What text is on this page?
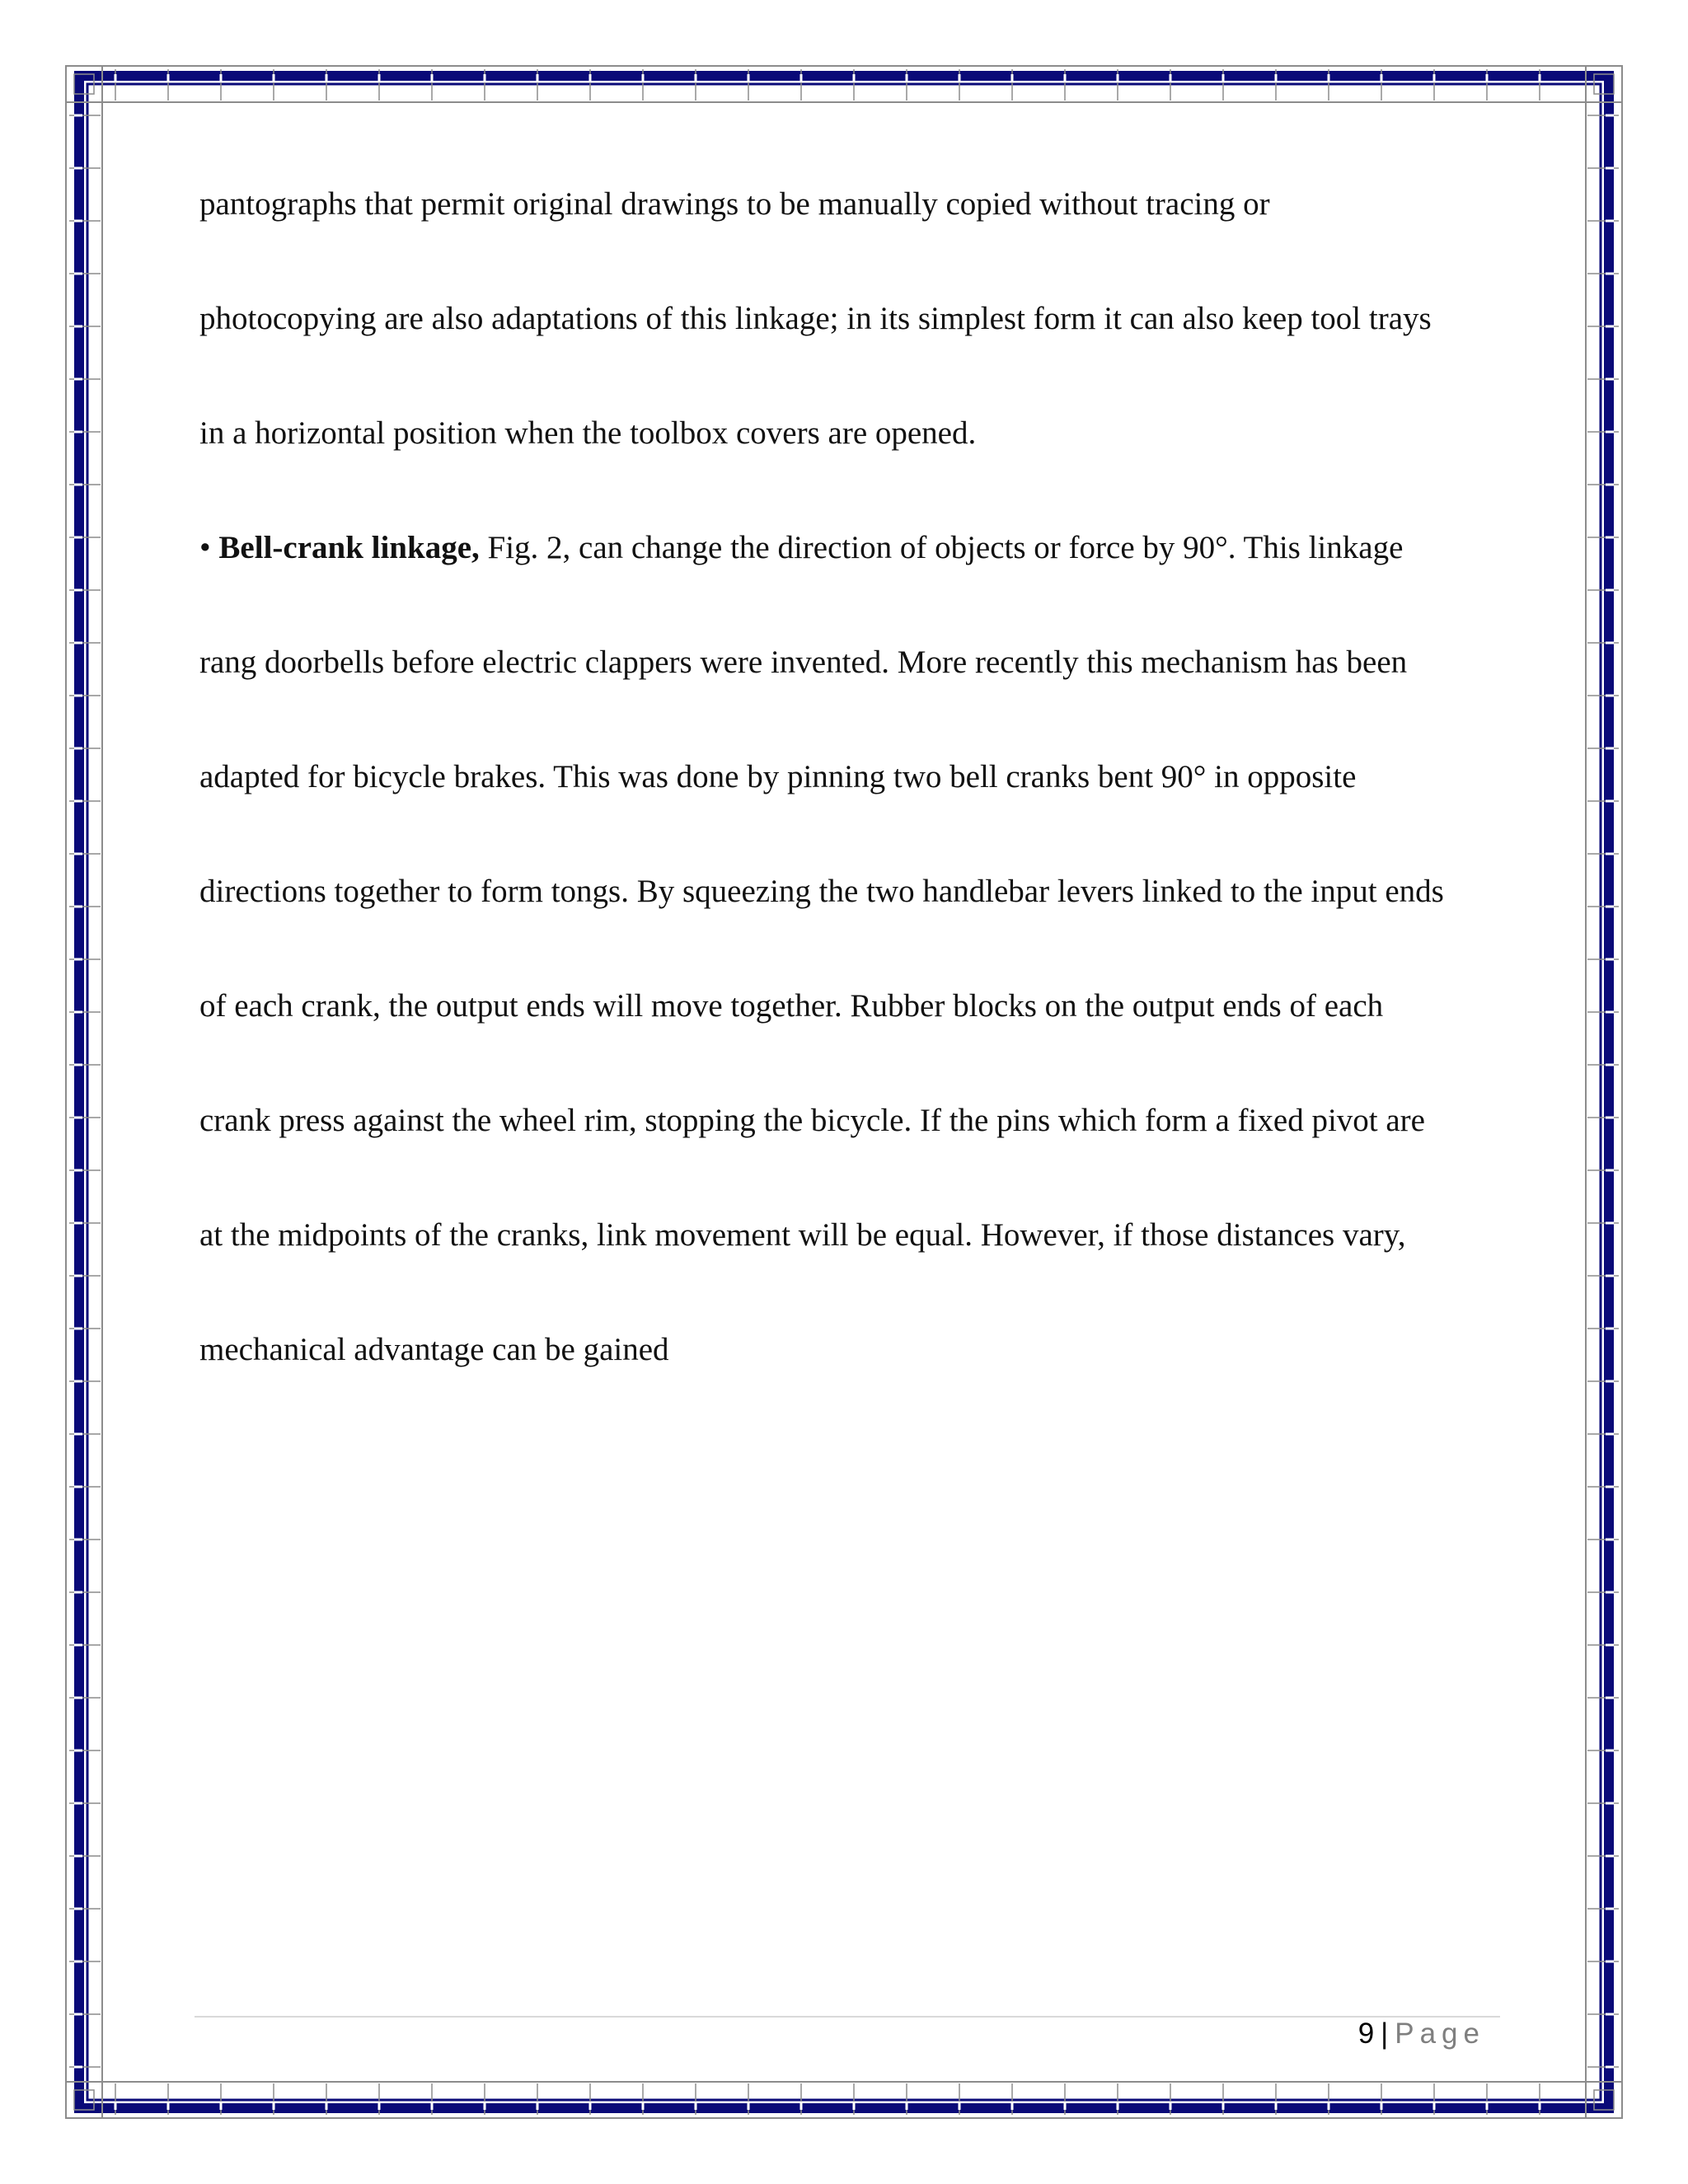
pantographs that permit original drawings to be manually copied without tracing or
photocopying are also adaptations of this linkage; in its simplest form it can also keep tool trays
in a horizontal position when the toolbox covers are opened.
• Bell-crank linkage, Fig. 2, can change the direction of objects or force by 90°. This linkage
rang doorbells before electric clappers were invented. More recently this mechanism has been
adapted for bicycle brakes. This was done by pinning two bell cranks bent 90° in opposite
directions together to form tongs. By squeezing the two handlebar levers linked to the input ends
of each crank, the output ends will move together. Rubber blocks on the output ends of each
crank press against the wheel rim, stopping the bicycle. If the pins which form a fixed pivot are
at the midpoints of the cranks, link movement will be equal. However, if those distances vary,
mechanical advantage can be gained
9 | Page
